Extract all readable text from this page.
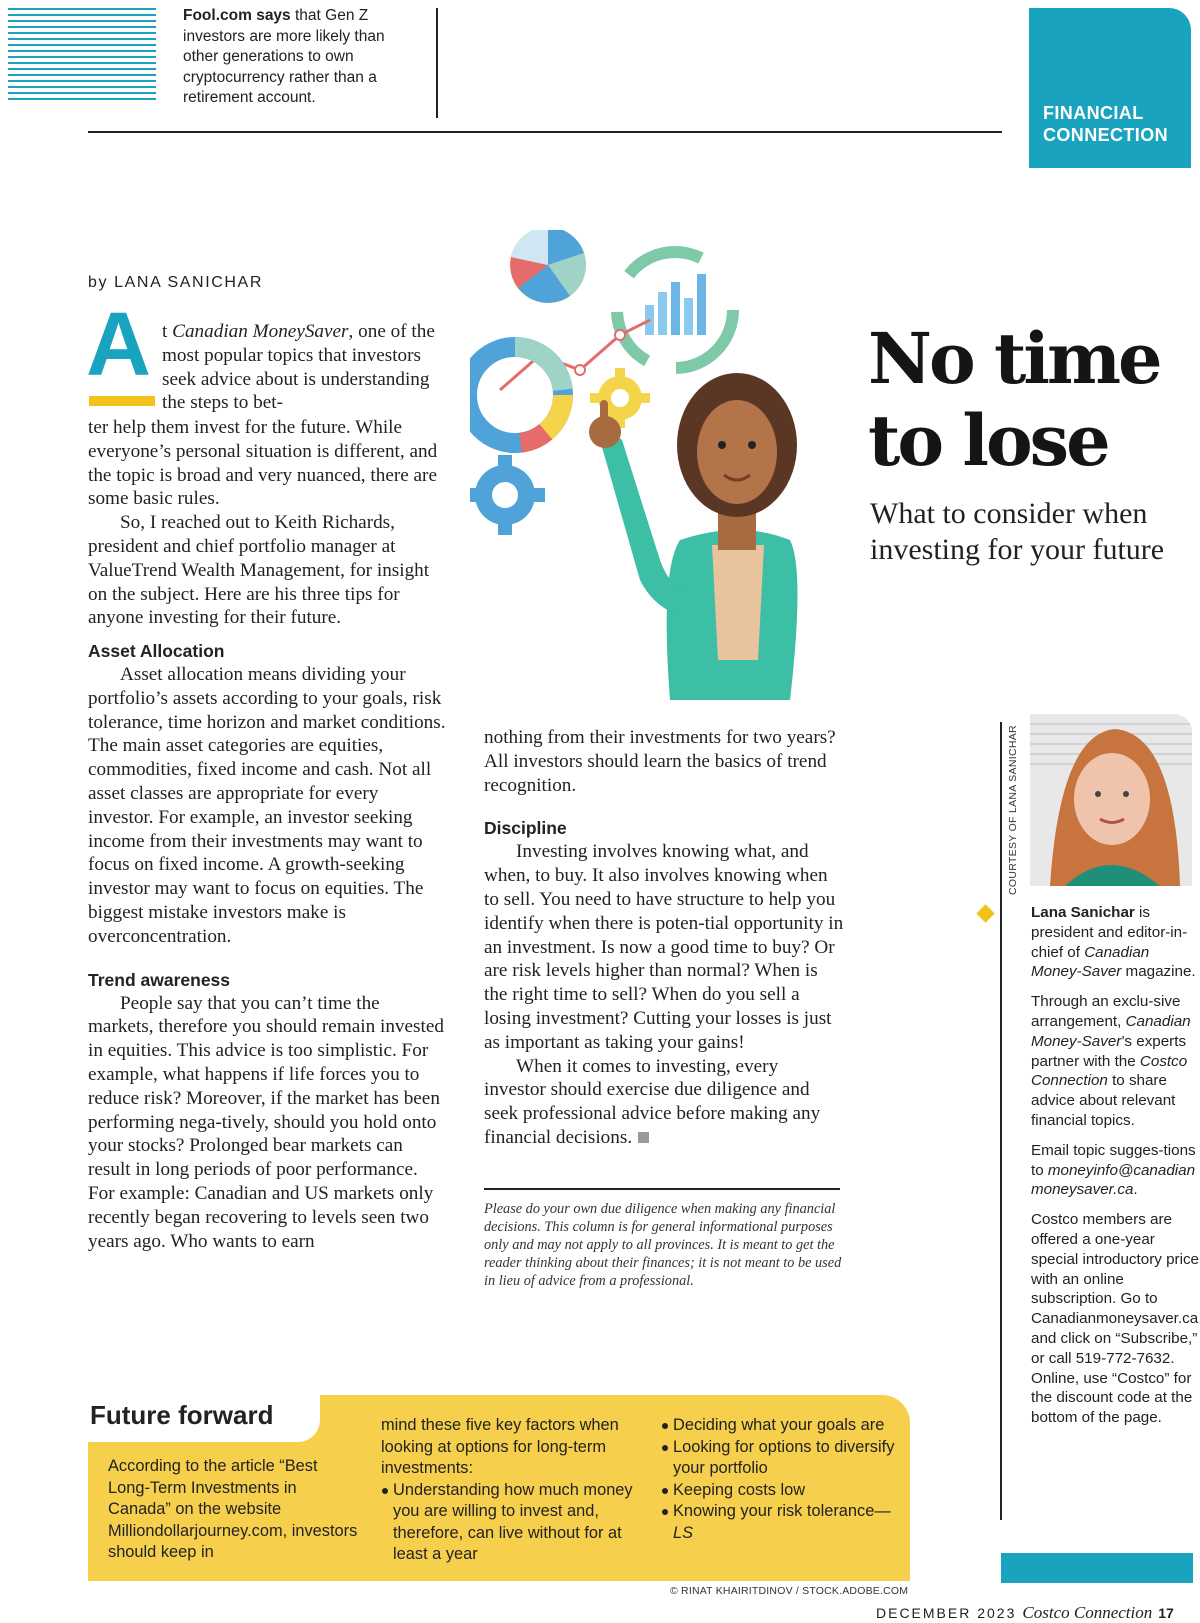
Fool.com says that Gen Z investors are more likely than other generations to own cryptocurrency rather than a retirement account.
FINANCIAL CONNECTION
by LANA SANICHAR
A t Canadian MoneySaver, one of the most popular topics that investors seek advice about is understanding the steps to bet-

ter help them invest for the future. While everyone’s personal situation is different, and the topic is broad and very nuanced, there are some basic rules.

So, I reached out to Keith Richards, president and chief portfolio manager at ValueTrend Wealth Management, for insight on the subject. Here are his three tips for anyone investing for their future.

Asset Allocation

Asset allocation means dividing your portfolio’s assets according to your goals, risk tolerance, time horizon and market conditions. The main asset categories are equities, commodities, fixed income and cash. Not all asset classes are appropriate for every investor. For example, an investor seeking income from their investments may want to focus on fixed income. A growth-seeking investor may want to focus on equities. The biggest mistake investors make is overconcentration.

Trend awareness

People say that you can’t time the markets, therefore you should remain invested in equities. This advice is too simplistic. For example, what happens if life forces you to reduce risk? Moreover, if the market has been performing nega-tively, should you hold onto your stocks? Prolonged bear markets can result in long periods of poor performance. For example: Canadian and US markets only recently began recovering to levels seen two years ago. Who wants to earn

nothing from their investments for two years? All investors should learn the basics of trend recognition.

Discipline

Investing involves knowing what, and when, to buy. It also involves knowing when to sell. You need to have structure to help you identify when there is poten-tial opportunity in an investment. Is now a good time to buy? Or are risk levels higher than normal? When is the right time to sell? When do you sell a losing investment? Cutting your losses is just as important as taking your gains!

When it comes to investing, every investor should exercise due diligence and seek professional advice before making any financial decisions.

Please do your own due diligence when making any financial decisions. This column is for general informational purposes only and may not apply to all provinces. It is meant to get the reader thinking about their finances; it is not meant to be used in lieu of advice from a professional.
No time to lose
What to consider when investing for your future
COURTESY OF LANA SANICHAR

Lana Sanichar is president and editor-in-chief of Canadian Money-Saver magazine.

Through an exclu-sive arrangement, Canadian Money-Saver’s experts partner with the Costco Connection to share advice about relevant financial topics.

Email topic sugges-tions to moneyinfo@canadianmoneysaver.ca.

Costco members are offered a one-year special introductory price with an online subscription. Go to Canadianmoneysaver.ca and click on “Subscribe,” or call 519-772-7632. Online, use “Costco” for the discount code at the bottom of the page.

Future forward
According to the article “Best Long-Term Investments in Canada” on the website Milliondollarjourney.com, investors should keep in
mind these five key factors when looking at options for long-term investments:
Understanding how much money you are willing to invest and, therefore, can live without for at least a year
Deciding what your goals are
Looking for options to diversify your portfolio
Keeping costs low
Knowing your risk tolerance—LS
© RINAT KHAIRITDINOV / STOCK.ADOBE.COM
DECEMBER 2023 Costco Connection 17
